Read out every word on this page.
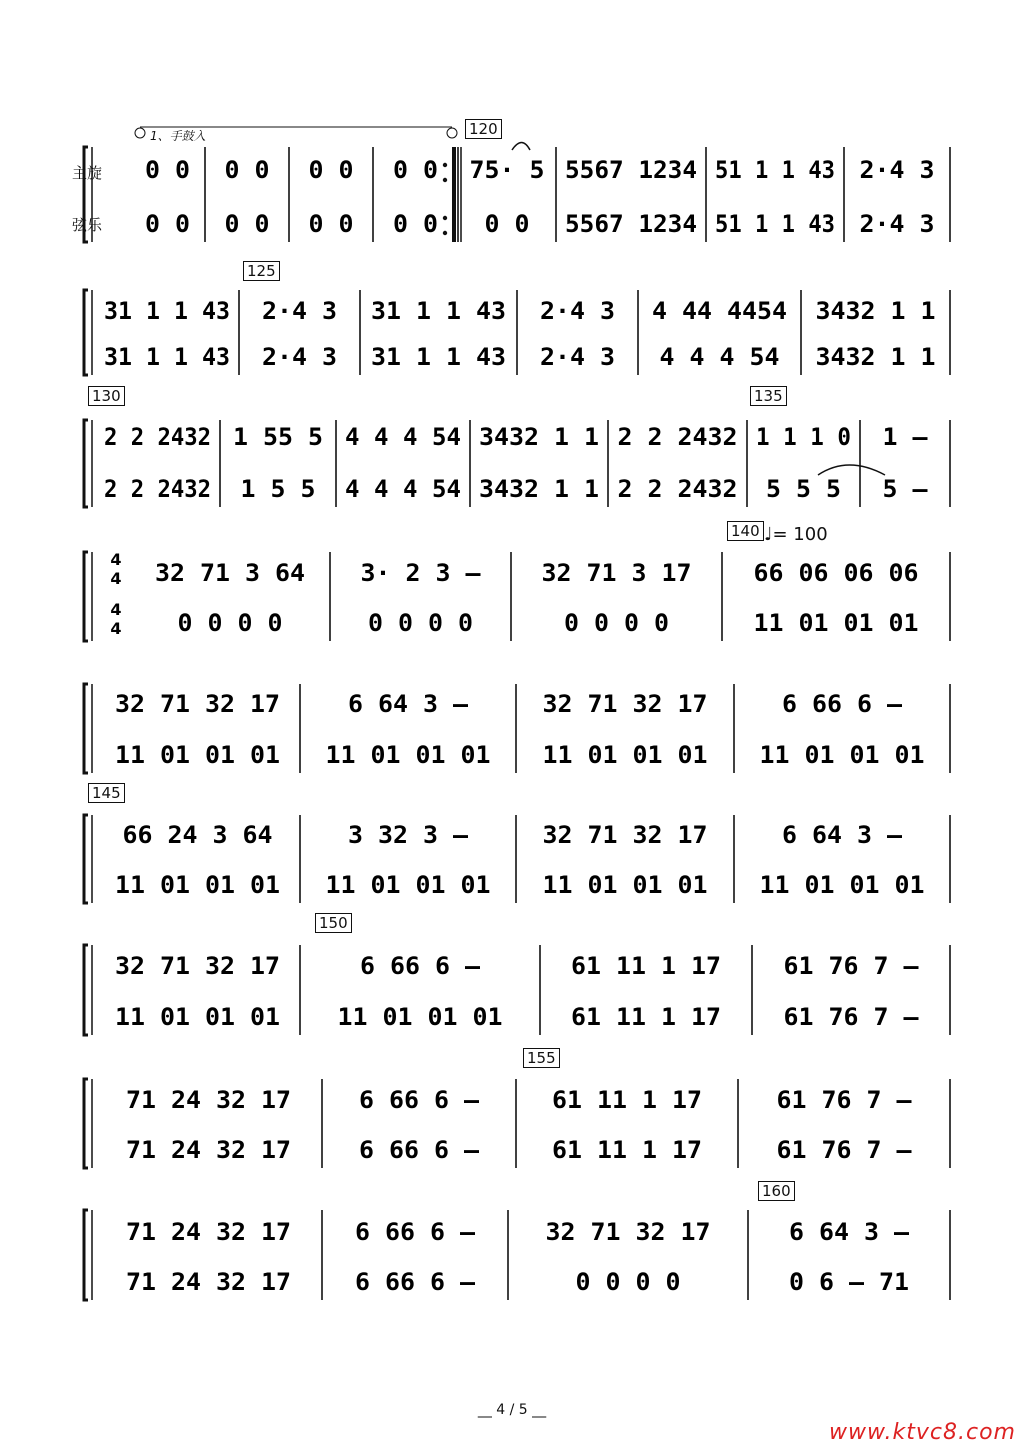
0 0
0 0
0 0
0 0
0 0
0 0
0 0
0 0
75· 5
0 0
5567 1234
5567 1234
51 1 1 43
51 1 1 43
2·4 3
2·4 3
31 1 1 43
31 1 1 43
2·4 3
2·4 3
31 1 1 43
31 1 1 43
2·4 3
2·4 3
4 44 4454
4 4 4 54
3432 1 1
3432 1 1
2 2 2432
2 2 2432
1 55 5
1 5 5
4 4 4 54
4 4 4 54
3432 1 1
3432 1 1
2 2 2432
2 2 2432
1 1 1 0
5 5 5
1 –
5 –
32 71 3 64
0 0 0 0
3· 2 3 –
0 0 0 0
32 71 3 17
0 0 0 0
66 06 06 06
11 01 01 01
32 71 32 17
11 01 01 01
6 64 3 –
11 01 01 01
32 71 32 17
11 01 01 01
6 66 6 –
11 01 01 01
66 24 3 64
11 01 01 01
3 32 3 –
11 01 01 01
32 71 32 17
11 01 01 01
6 64 3 –
11 01 01 01
32 71 32 17
11 01 01 01
6 66 6 –
11 01 01 01
61 11 1 17
61 11 1 17
61 76 7 –
61 76 7 –
71 24 32 17
71 24 32 17
6 66 6 –
6 66 6 –
61 11 1 17
61 11 1 17
61 76 7 –
61 76 7 –
71 24 32 17
71 24 32 17
6 66 6 –
6 66 6 –
32 71 32 17
0 0 0 0
6 64 3 –
0 6 – 71
4
4
4
4
主旋
弦乐
1、手鼓入	120
125
130	135
140
145
150
155
160
♩= 100
__ 4 / 5 __
www.ktvc8.com
